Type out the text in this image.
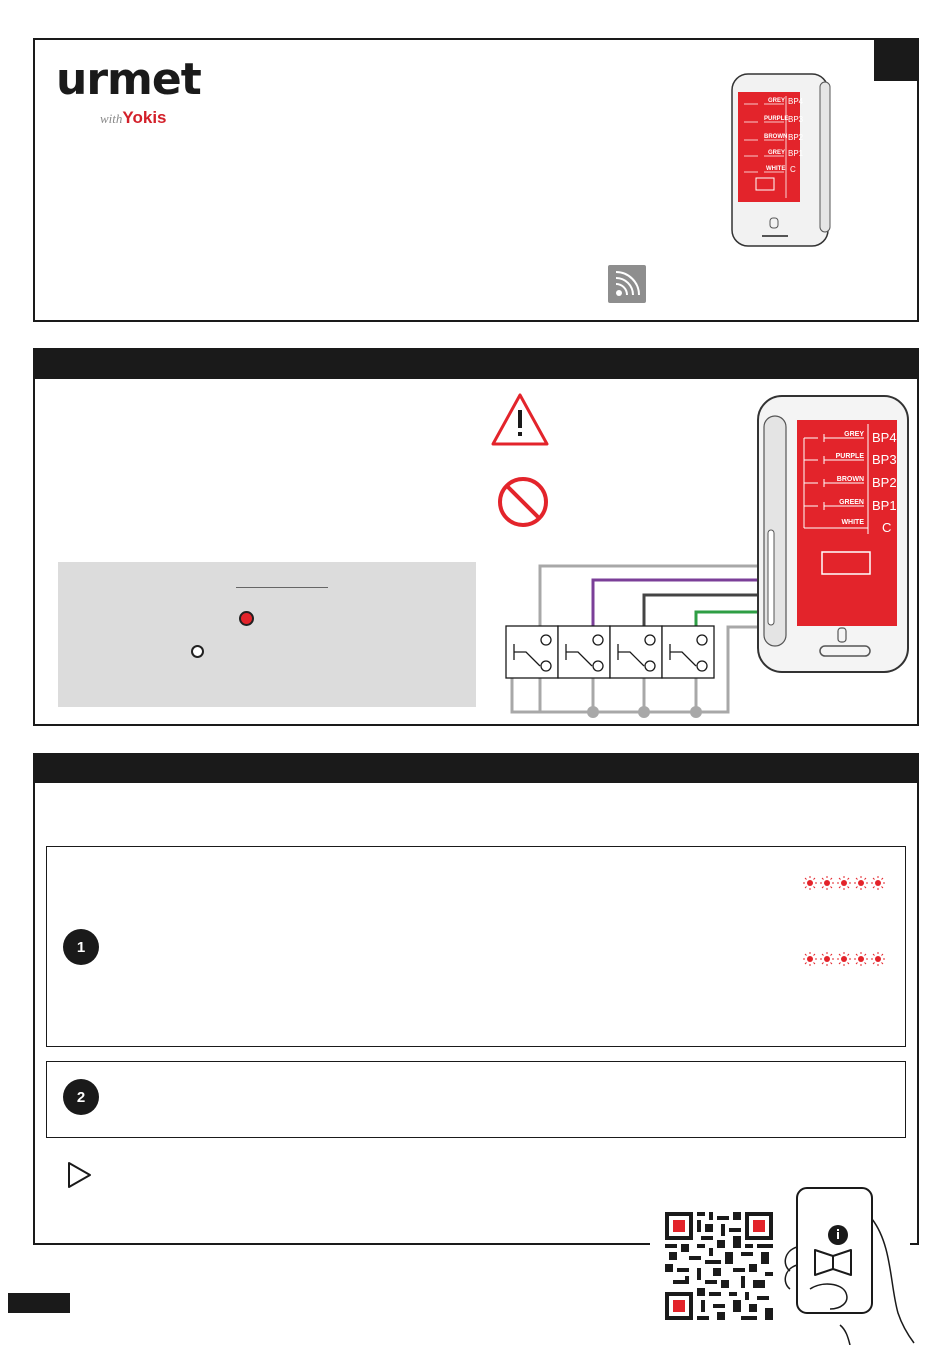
urmet
withYokis
GREY
PURPLE
BROWN
GREY
WHITE
BP4
BP3
BP2
BP1
C
GREY
PURPLE
BROWN
GREEN
WHITE
BP4
BP3
BP2
BP1
C
1
2
